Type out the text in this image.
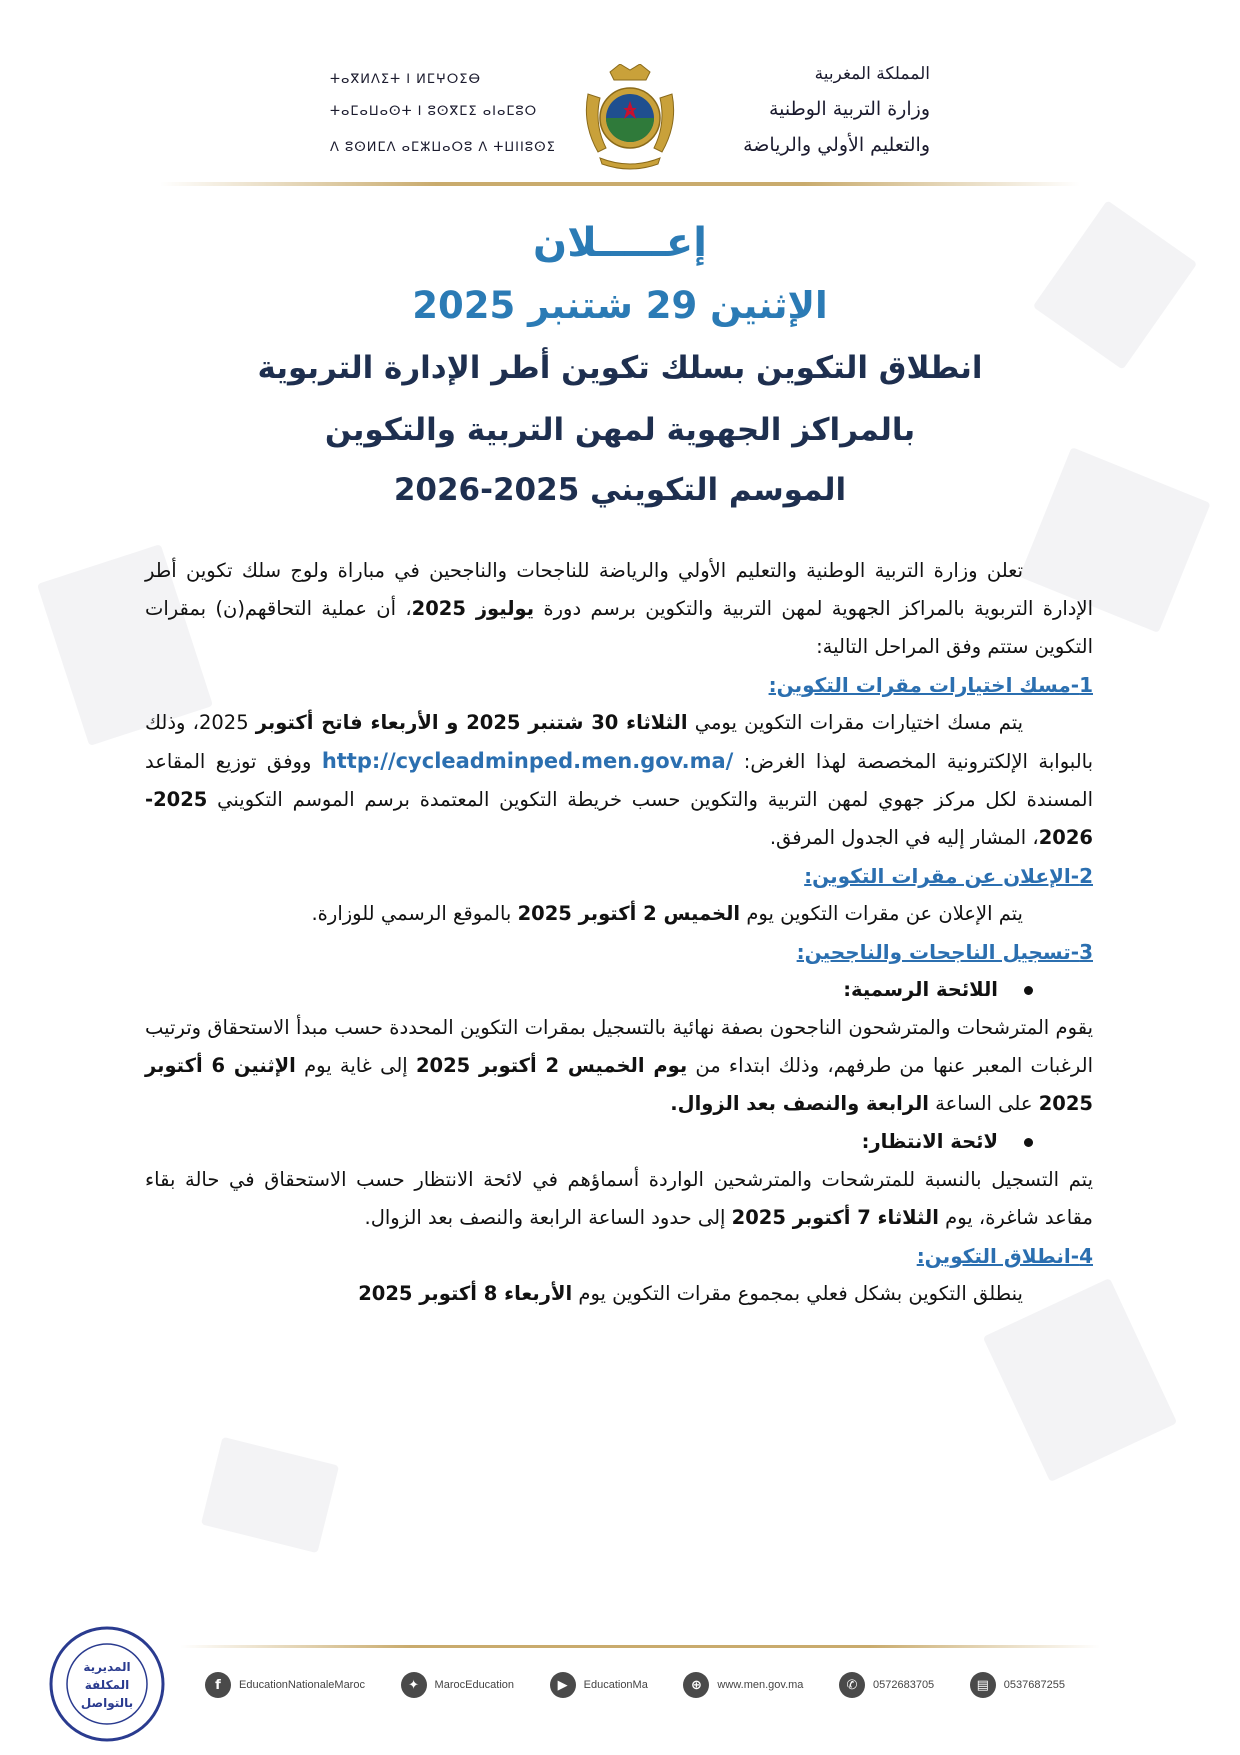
ⵜⴰⴳⵍⴷⵉⵜ ⵏ ⵍⵎⵖⵔⵉⴱ
ⵜⴰⵎⴰⵡⴰⵙⵜ ⵏ ⵓⵙⴳⵎⵉ ⴰⵏⴰⵎⵓⵔ
ⴷ ⵓⵙⵍⵎⴷ ⴰⵎⵣⵡⴰⵔⵓ ⴷ ⵜⵡⵏⵏⵓⵙⵉ
المملكة المغربية
وزارة التربية الوطنية
والتعليم الأولي والرياضة
إعـــــلان
الإثنين 29 شتنبر 2025
انطلاق التكوين بسلك تكوين أطر الإدارة التربوية
بالمراكز الجهوية لمهن التربية والتكوين
الموسم التكويني 2025-2026

تعلن وزارة التربية الوطنية والتعليم الأولي والرياضة للناجحات والناجحين في مباراة ولوج سلك تكوين أطر الإدارة التربوية بالمراكز الجهوية لمهن التربية والتكوين برسم دورة يوليوز 2025، أن عملية التحاقهم(ن) بمقرات التكوين ستتم وفق المراحل التالية:

1-مسك اختيارات مقرات التكوين:

يتم مسك اختيارات مقرات التكوين يومي الثلاثاء 30 شتنبر 2025 و الأربعاء فاتح أكتوبر 2025، وذلك بالبوابة الإلكترونية المخصصة لهذا الغرض: http://cycleadminped.men.gov.ma/ ووفق توزيع المقاعد المسندة لكل مركز جهوي لمهن التربية والتكوين حسب خريطة التكوين المعتمدة برسم الموسم التكويني 2025-2026، المشار إليه في الجدول المرفق.

2-الإعلان عن مقرات التكوين:

يتم الإعلان عن مقرات التكوين يوم الخميس 2 أكتوبر 2025 بالموقع الرسمي للوزارة.

3-تسجيل الناجحات والناجحين:

اللائحة الرسمية:

يقوم المترشحات والمترشحون الناجحون بصفة نهائية بالتسجيل بمقرات التكوين المحددة حسب مبدأ الاستحقاق وترتيب الرغبات المعبر عنها من طرفهم، وذلك ابتداء من يوم الخميس 2 أكتوبر 2025 إلى غاية يوم الإثنين 6 أكتوبر 2025 على الساعة الرابعة والنصف بعد الزوال.

لائحة الانتظار:

يتم التسجيل بالنسبة للمترشحات والمترشحين الواردة أسماؤهم في لائحة الانتظار حسب الاستحقاق في حالة بقاء مقاعد شاغرة، يوم الثلاثاء 7 أكتوبر 2025 إلى حدود الساعة الرابعة والنصف بعد الزوال.

4-انطلاق التكوين:

ينطلق التكوين بشكل فعلي بمجموع مقرات التكوين يوم الأربعاء 8 أكتوبر 2025

المديرية
المكلفة
بالتواصل
f	EducationNationaleMaroc	✦	MarocEducation	▶	EducationMa	⊕	www.men.gov.ma	✆	0572683705	▤	0537687255
